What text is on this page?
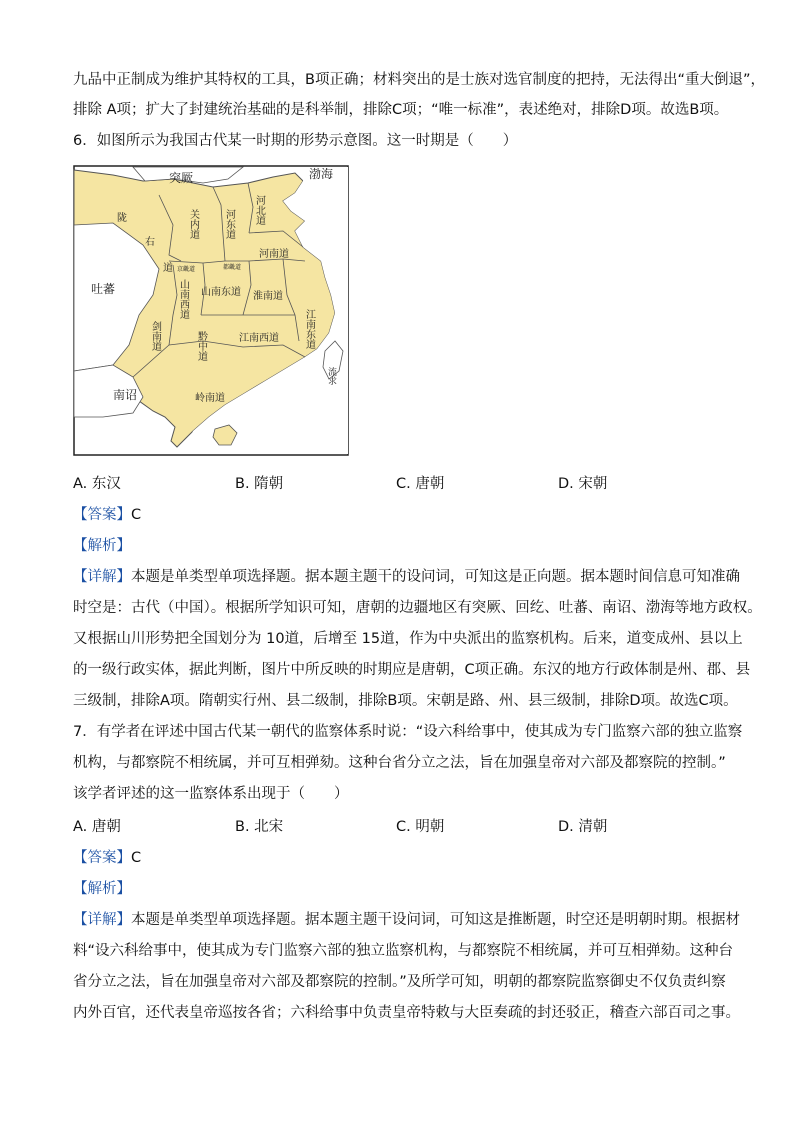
九品中正制成为维护其特权的工具，B项正确；材料突出的是士族对选官制度的把持，无法得出“重大倒退”，
排除 A项；扩大了封建统治基础的是科举制，排除C项；“唯一标准”，表述绝对，排除D项。故选B项。
6．如图所示为我国古代某一时期的形势示意图。这一时期是（　　）
突厥	渤海
吐蕃
南诏
流求
陇
右
道
关内道	河东道 河北道
河南道
山南东道 淮南道
山南西道
剑南道	黔中道	江南西道 江南东道
岭南道
京畿道	都畿道
A. 东汉	B. 隋朝	C. 唐朝	D. 宋朝
【答案】C
【解析】
【详解】本题是单类型单项选择题。据本题主题干的设问词，可知这是正向题。据本题时间信息可知准确
时空是：古代（中国）。根据所学知识可知，唐朝的边疆地区有突厥、回纥、吐蕃、南诏、渤海等地方政权。
又根据山川形势把全国划分为 10道，后增至 15道，作为中央派出的监察机构。后来，道变成州、县以上
的一级行政实体，据此判断，图片中所反映的时期应是唐朝，C项正确。东汉的地方行政体制是州、郡、县
三级制，排除A项。隋朝实行州、县二级制，排除B项。宋朝是路、州、县三级制，排除D项。故选C项。
7．有学者在评述中国古代某一朝代的监察体系时说：“设六科给事中，使其成为专门监察六部的独立监察
机构，与都察院不相统属，并可互相弹劾。这种台省分立之法，旨在加强皇帝对六部及都察院的控制。”
该学者评述的这一监察体系出现于（　　）
A. 唐朝	B. 北宋	C. 明朝	D. 清朝
【答案】C
【解析】
【详解】本题是单类型单项选择题。据本题主题干设问词，可知这是推断题，时空还是明朝时期。根据材
料“设六科给事中，使其成为专门监察六部的独立监察机构，与都察院不相统属，并可互相弹劾。这种台
省分立之法，旨在加强皇帝对六部及都察院的控制。”及所学可知，明朝的都察院监察御史不仅负责纠察
内外百官，还代表皇帝巡按各省；六科给事中负责皇帝特敕与大臣奏疏的封还驳正，稽查六部百司之事。
